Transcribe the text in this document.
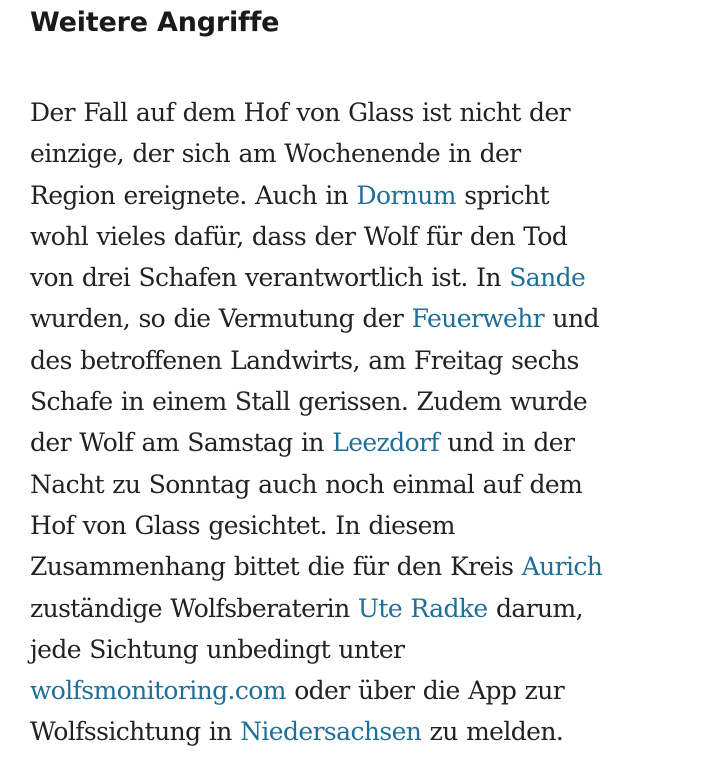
Weitere Angriffe

Der Fall auf dem Hof von Glass ist nicht der
einzige, der sich am Wochenende in der
Region ereignete. Auch in Dornum spricht
wohl vieles dafür, dass der Wolf für den Tod
von drei Schafen verantwortlich ist. In Sande
wurden, so die Vermutung der Feuerwehr und
des betroffenen Landwirts, am Freitag sechs
Schafe in einem Stall gerissen. Zudem wurde
der Wolf am Samstag in Leezdorf und in der
Nacht zu Sonntag auch noch einmal auf dem
Hof von Glass gesichtet. In diesem
Zusammenhang bittet die für den Kreis Aurich
zuständige Wolfsberaterin Ute Radke darum,
jede Sichtung unbedingt unter
wolfsmonitoring.com oder über die App zur
Wolfssichtung in Niedersachsen zu melden.
